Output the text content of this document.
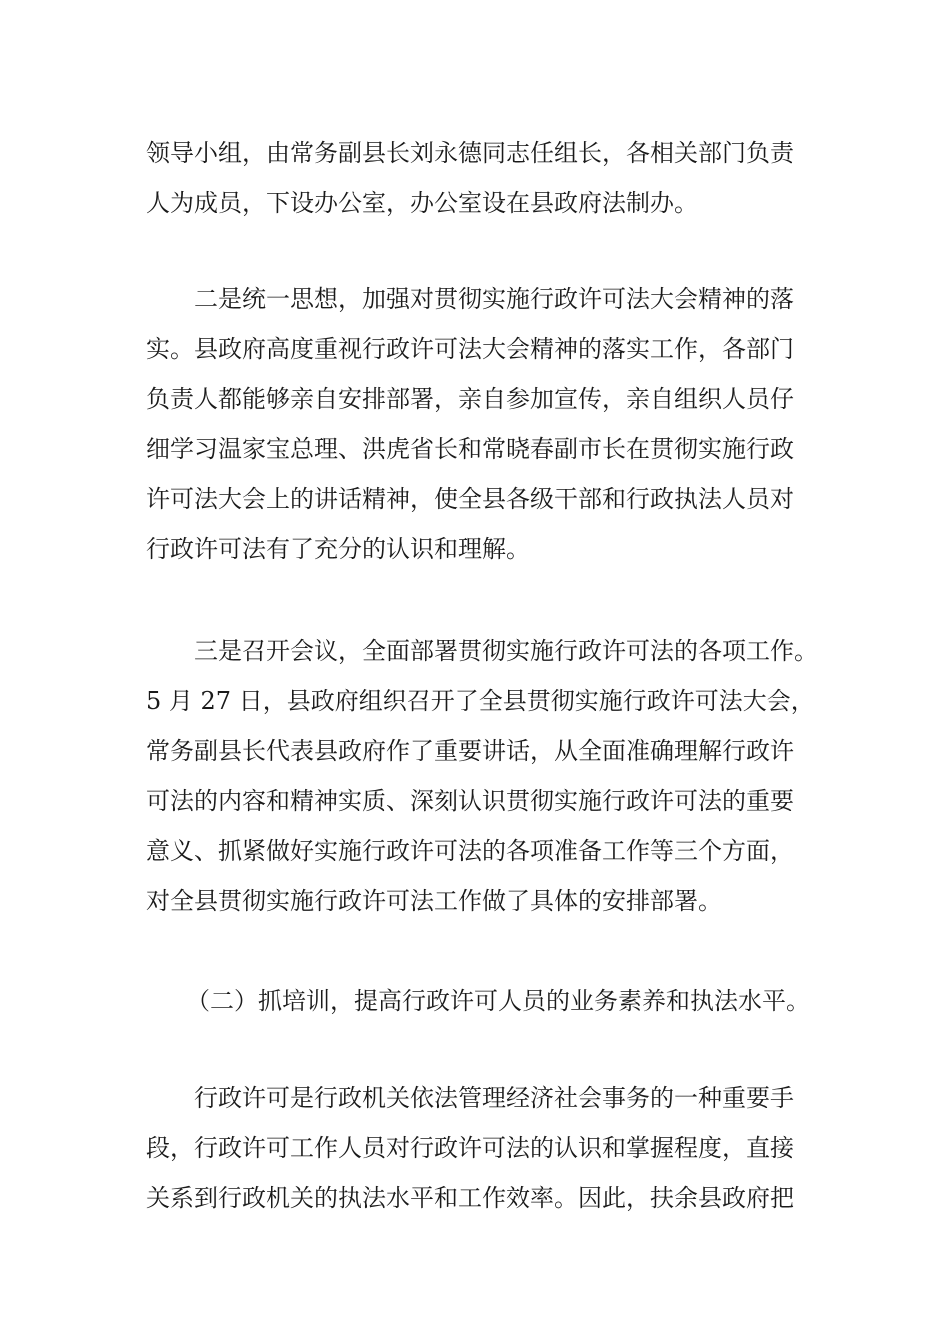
领导小组，由常务副县长刘永德同志任组长，各相关部门负责
人为成员，下设办公室，办公室设在县政府法制办。
二是统一思想，加强对贯彻实施行政许可法大会精神的落
实。县政府高度重视行政许可法大会精神的落实工作，各部门
负责人都能够亲自安排部署，亲自参加宣传，亲自组织人员仔
细学习温家宝总理、洪虎省长和常晓春副市长在贯彻实施行政
许可法大会上的讲话精神，使全县各级干部和行政执法人员对
行政许可法有了充分的认识和理解。
三是召开会议，全面部署贯彻实施行政许可法的各项工作。
5 月 27 日，县政府组织召开了全县贯彻实施行政许可法大会，
常务副县长代表县政府作了重要讲话，从全面准确理解行政许
可法的内容和精神实质、深刻认识贯彻实施行政许可法的重要
意义、抓紧做好实施行政许可法的各项准备工作等三个方面，
对全县贯彻实施行政许可法工作做了具体的安排部署。
（二）抓培训，提高行政许可人员的业务素养和执法水平。
行政许可是行政机关依法管理经济社会事务的一种重要手
段，行政许可工作人员对行政许可法的认识和掌握程度，直接
关系到行政机关的执法水平和工作效率。因此，扶余县政府把
